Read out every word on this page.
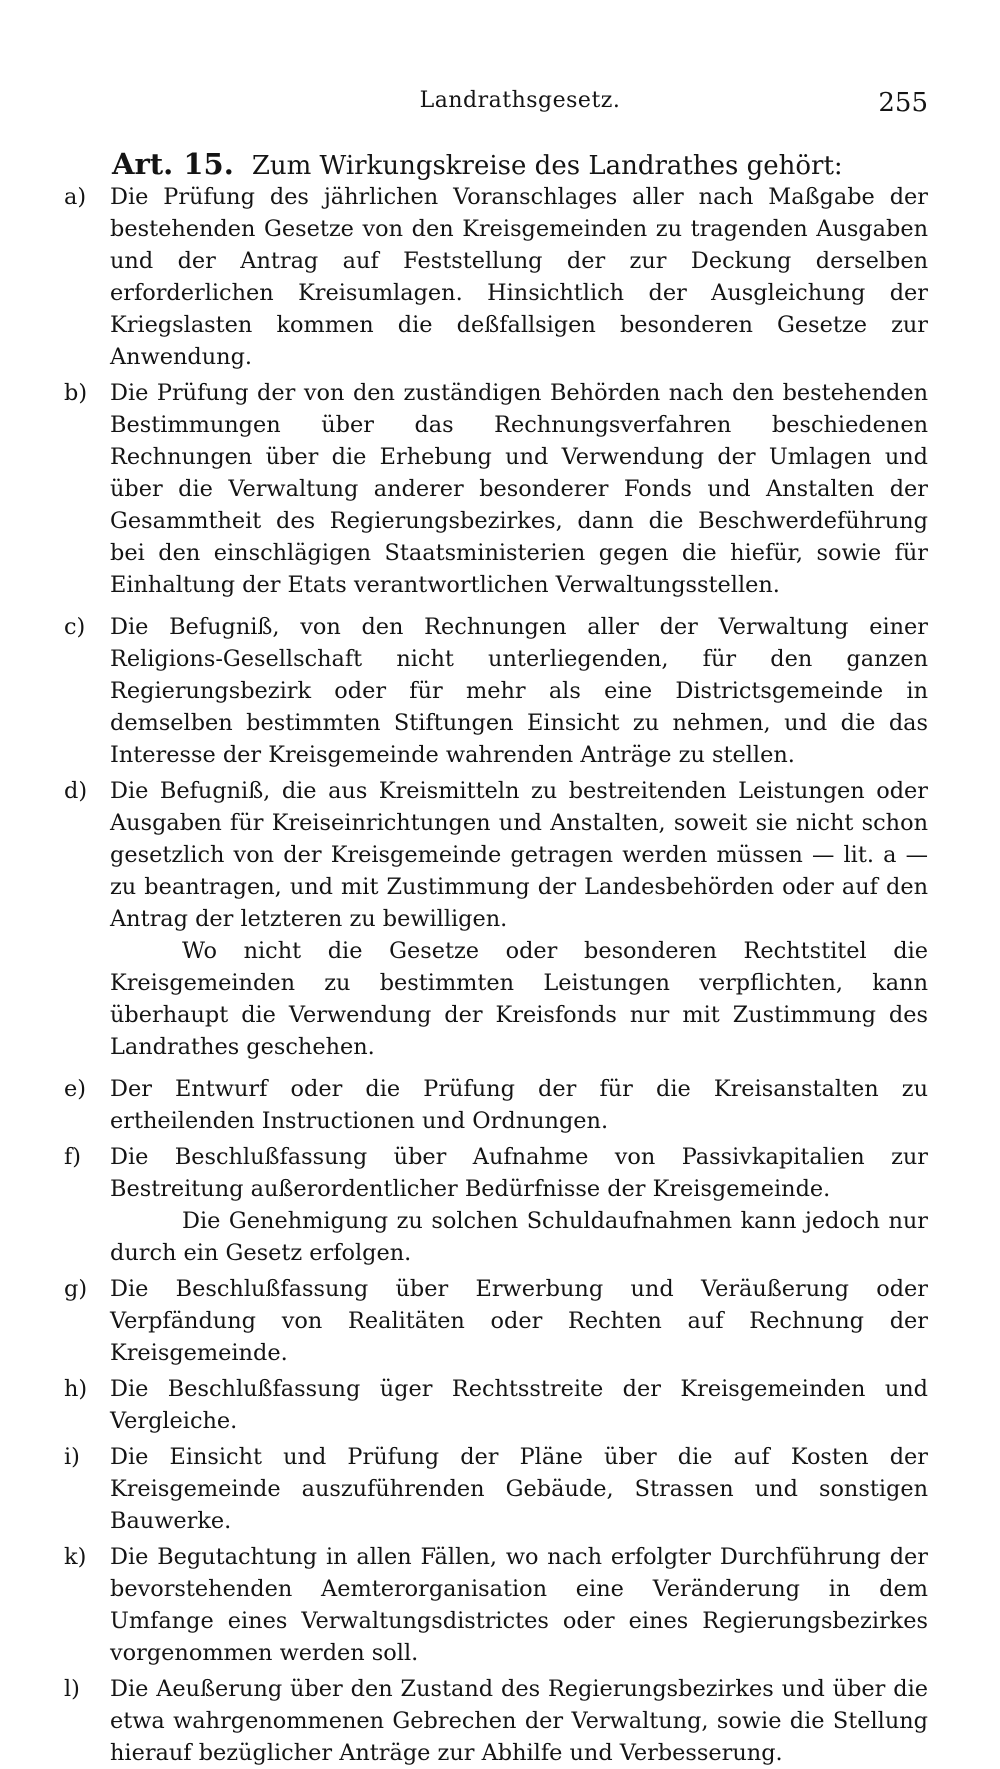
Landrathsgesetz.	255
Art. 15. Zum Wirkungskreise des Landrathes gehört:
a)	Die Prüfung des jährlichen Voranschlages aller nach Maßgabe der bestehenden Gesetze von den Kreisgemeinden zu tragenden Ausgaben und der Antrag auf Feststellung der zur Deckung derselben erforderlichen Kreisumlagen. Hinsichtlich der Ausgleichung der Kriegslasten kommen die deßfallsigen besonderen Gesetze zur Anwendung.
b)	Die Prüfung der von den zuständigen Behörden nach den bestehenden Bestimmungen über das Rechnungsverfahren beschiedenen Rechnungen über die Erhebung und Verwendung der Umlagen und über die Verwaltung anderer besonderer Fonds und Anstalten der Gesammtheit des Regierungsbezirkes, dann die Beschwerdeführung bei den einschlägigen Staatsministerien gegen die hiefür, sowie für Einhaltung der Etats verantwortlichen Verwaltungsstellen.
c)	Die Befugniß, von den Rechnungen aller der Verwaltung einer Religions-Gesellschaft nicht unterliegenden, für den ganzen Regierungsbezirk oder für mehr als eine Districtsgemeinde in demselben bestimmten Stiftungen Einsicht zu nehmen, und die das Interesse der Kreisgemeinde wahrenden Anträge zu stellen.
d)	Die Befugniß, die aus Kreismitteln zu bestreitenden Leistungen oder Ausgaben für Kreiseinrichtungen und Anstalten, soweit sie nicht schon gesetzlich von der Kreisgemeinde getragen werden müssen — lit. a — zu beantragen, und mit Zustimmung der Landesbehörden oder auf den Antrag der letzteren zu bewilligen.
Wo nicht die Gesetze oder besonderen Rechtstitel die Kreisgemeinden zu bestimmten Leistungen verpflichten, kann überhaupt die Verwendung der Kreisfonds nur mit Zustimmung des Landrathes geschehen.
e)	Der Entwurf oder die Prüfung der für die Kreisanstalten zu ertheilenden Instructionen und Ordnungen.
f)	Die Beschlußfassung über Aufnahme von Passivkapitalien zur Bestreitung außerordentlicher Bedürfnisse der Kreisgemeinde.
Die Genehmigung zu solchen Schuldaufnahmen kann jedoch nur durch ein Gesetz erfolgen.
g)	Die Beschlußfassung über Erwerbung und Veräußerung oder Verpfändung von Realitäten oder Rechten auf Rechnung der Kreisgemeinde.
h)	Die Beschlußfassung üger Rechtsstreite der Kreisgemeinden und Vergleiche.
i)	Die Einsicht und Prüfung der Pläne über die auf Kosten der Kreisgemeinde auszuführenden Gebäude, Strassen und sonstigen Bauwerke.
k)	Die Begutachtung in allen Fällen, wo nach erfolgter Durchführung der bevorstehenden Aemterorganisation eine Veränderung in dem Umfange eines Verwaltungsdistrictes oder eines Regierungsbezirkes vorgenommen werden soll.
l)	Die Aeußerung über den Zustand des Regierungsbezirkes und über die etwa wahrgenommenen Gebrechen der Verwaltung, sowie die Stellung hierauf bezüglicher Anträge zur Abhilfe und Verbesserung.
